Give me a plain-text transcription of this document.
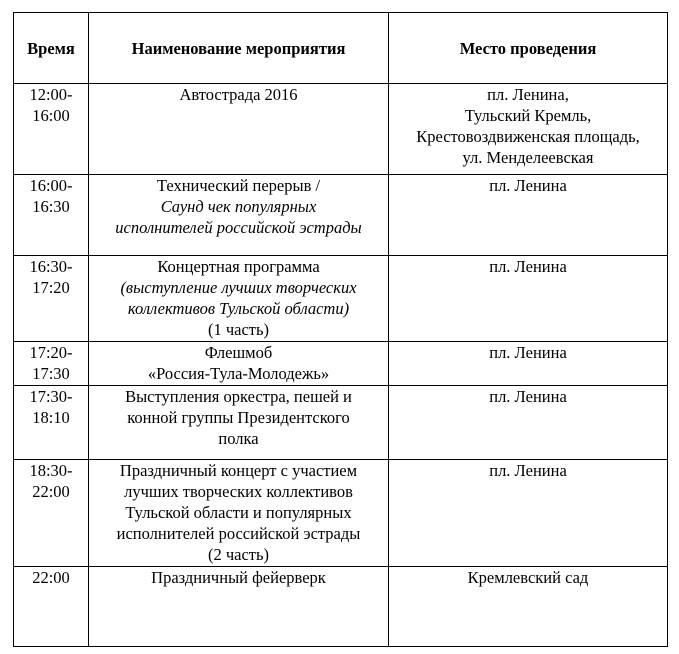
Время	Наименование мероприятия	Место проведения

12:00-
16:00	Автострада 2016	пл. Ленина,
Тульский Кремль,
Крестовоздвиженская площадь,
ул. Менделеевская

16:00-
16:30	Технический перерыв /
Саунд чек популярных
исполнителей российской эстрады	пл. Ленина

16:30-
17:20	Концертная программа
(выступление лучших творческих
коллективов Тульской области)
(1 часть)	пл. Ленина

17:20-
17:30	Флешмоб
«Россия-Тула-Молодежь»	пл. Ленина

17:30-
18:10	Выступления оркестра, пешей и
конной группы Президентского
полка	пл. Ленина

18:30-
22:00	Праздничный концерт с участием
лучших творческих коллективов
Тульской области и популярных
исполнителей российской эстрады
(2 часть)	пл. Ленина

22:00	Праздничный фейерверк	Кремлевский сад
